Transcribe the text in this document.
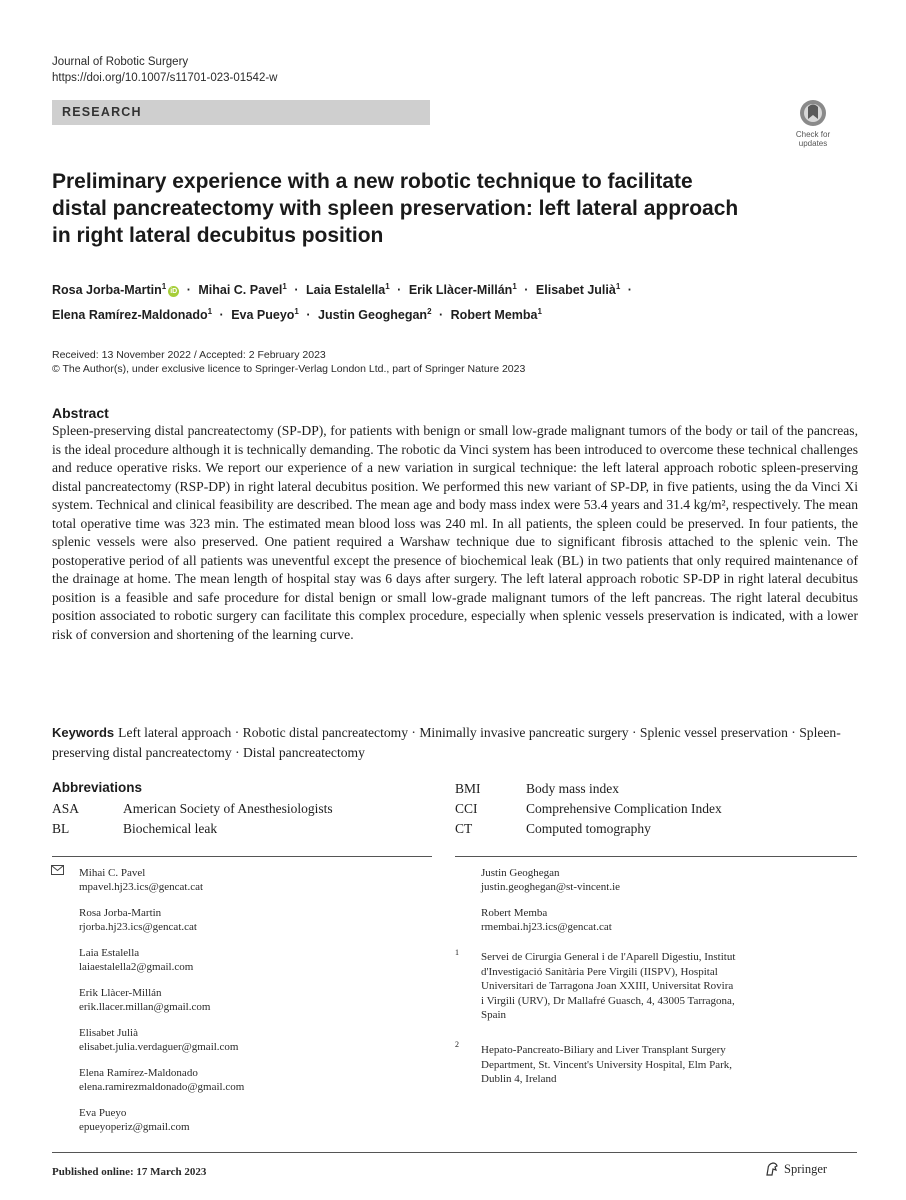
Journal of Robotic Surgery
https://doi.org/10.1007/s11701-023-01542-w
RESEARCH
Check for
updates
Preliminary experience with a new robotic technique to facilitate
distal pancreatectomy with spleen preservation: left lateral approach
in right lateral decubitus position
Rosa Jorba-Martin$^1$iD · Mihai C. Pavel$^1$ · Laia Estalella$^1$ · Erik Llàcer-Millán$^1$ · Elisabet Julià$^1$ ·
Elena Ramírez-Maldonado$^1$ · Eva Pueyo$^1$ · Justin Geoghegan$^2$ · Robert Memba$^1$
Received: 13 November 2022 / Accepted: 2 February 2023
© The Author(s), under exclusive licence to Springer-Verlag London Ltd., part of Springer Nature 2023
Abstract
Spleen-preserving distal pancreatectomy (SP-DP), for patients with benign or small low-grade malignant tumors of the body or tail of the pancreas, is the ideal procedure although it is technically demanding. The robotic da Vinci system has been introduced to overcome these technical challenges and reduce operative risks. We report our experience of a new variation in surgical technique: the left lateral approach robotic spleen-preserving distal pancreatectomy (RSP-DP) in right lateral decubitus position. We performed this new variant of SP-DP, in five patients, using the da Vinci Xi system. Technical and clinical feasibility are described. The mean age and body mass index were 53.4 years and 31.4 kg/m², respectively. The mean total operative time was 323 min. The estimated mean blood loss was 240 ml. In all patients, the spleen could be preserved. In four patients, the splenic vessels were also preserved. One patient required a Warshaw technique due to significant fibrosis attached to the splenic vein. The postoperative period of all patients was uneventful except the presence of biochemical leak (BL) in two patients that only required maintenance of the drainage at home. The mean length of hospital stay was 6 days after surgery. The left lateral approach robotic SP-DP in right lateral decubitus position is a feasible and safe procedure for distal benign or small low-grade malignant tumors of the left pancreas. The right lateral decubitus position associated to robotic surgery can facilitate this complex procedure, especially when splenic vessels preservation is indicated, with a lower risk of conversion and shortening of the learning curve.
Keywords Left lateral approach · Robotic distal pancreatectomy · Minimally invasive pancreatic surgery · Splenic vessel preservation · Spleen-preserving distal pancreatectomy · Distal pancreatectomy
Abbreviations
ASA	American Society of Anesthesiologists
BL	Biochemical leak
BMI	Body mass index
CCI	Comprehensive Complication Index
CT	Computed tomography
Mihai C. Pavel
mpavel.hj23.ics@gencat.cat
Rosa Jorba-Martin
rjorba.hj23.ics@gencat.cat
Laia Estalella
laiaestalella2@gmail.com
Erik Llàcer-Millán
erik.llacer.millan@gmail.com
Elisabet Julià
elisabet.julia.verdaguer@gmail.com
Elena Ramírez-Maldonado
elena.ramirezmaldonado@gmail.com
Eva Pueyo
epueyoperiz@gmail.com
Justin Geoghegan
justin.geoghegan@st-vincent.ie
Robert Memba
rmembai.hj23.ics@gencat.cat
1 Servei de Cirurgia General i de l'Aparell Digestiu, Institut
d'Investigació Sanitària Pere Virgili (IISPV), Hospital
Universitari de Tarragona Joan XXIII, Universitat Rovira
i Virgili (URV), Dr Mallafré Guasch, 4, 43005 Tarragona,
Spain
2 Hepato-Pancreato-Biliary and Liver Transplant Surgery
Department, St. Vincent's University Hospital, Elm Park,
Dublin 4, Ireland
Published online: 17 March 2023	Springer
